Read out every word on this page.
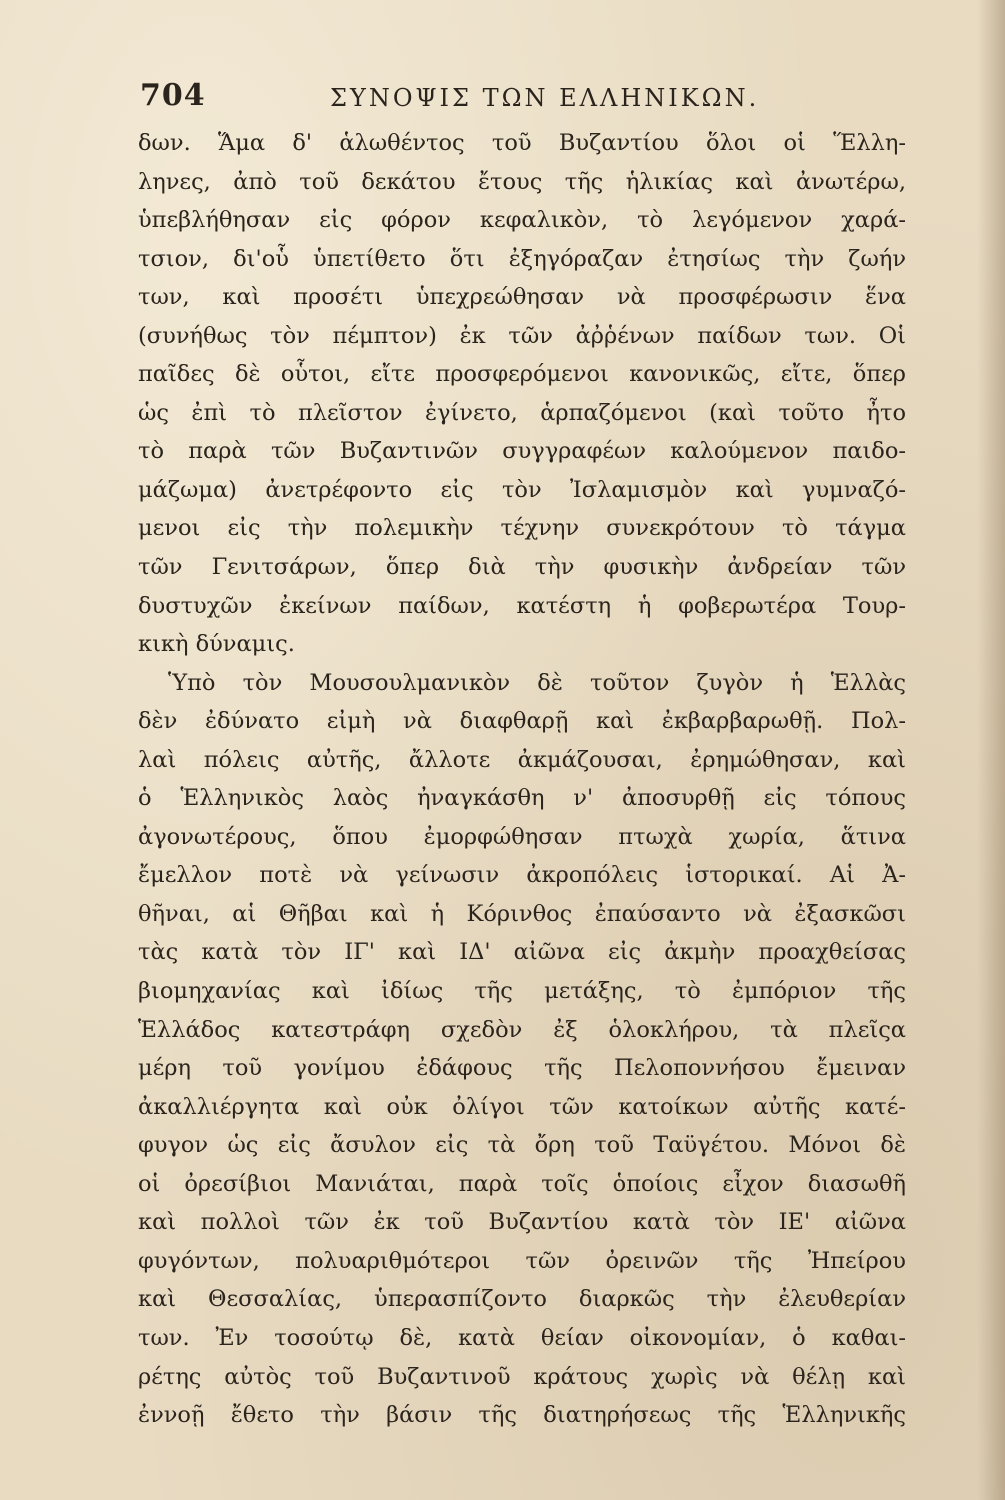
704	ΣΥΝΟΨΙΣ ΤΩΝ ΕΛΛΗΝΙΚΩΝ.
δων. Ἅμα δ' ἁλωθέντος τοῦ Βυζαντίου ὅλοι οἱ Ἕλλη-
ληνες, ἀπὸ τοῦ δεκάτου ἔτους τῆς ἡλικίας καὶ ἀνωτέρω,
ὑπεβλήθησαν εἰς φόρον κεφαλικὸν, τὸ λεγόμενον χαρά-
τσιον, δι'οὗ ὑπετίθετο ὅτι ἐξηγόραζαν ἐτησίως τὴν ζωήν
των, καὶ προσέτι ὑπεχρεώθησαν νὰ προσφέρωσιν ἕνα
(συνήθως τὸν πέμπτον) ἐκ τῶν ἀῤῥένων παίδων των. Οἱ
παῖδες δὲ οὗτοι, εἴτε προσφερόμενοι κανονικῶς, εἴτε, ὅπερ
ὡς ἐπὶ τὸ πλεῖστον ἐγίνετο, ἁρπαζόμενοι (καὶ τοῦτο ἦτο
τὸ παρὰ τῶν Βυζαντινῶν συγγραφέων καλούμενον παιδο-
μάζωμα) ἀνετρέφοντο εἰς τὸν Ἰσλαμισμὸν καὶ γυμναζό-
μενοι εἰς τὴν πολεμικὴν τέχνην συνεκρότουν τὸ τάγμα
τῶν Γενιτσάρων, ὅπερ διὰ τὴν φυσικὴν ἀνδρείαν τῶν
δυστυχῶν ἐκείνων παίδων, κατέστη ἡ φοβερωτέρα Τουρ-
κικὴ δύναμις.
Ὑπὸ τὸν Μουσουλμανικὸν δὲ τοῦτον ζυγὸν ἡ Ἑλλὰς
δὲν ἐδύνατο εἰμὴ νὰ διαφθαρῇ καὶ ἐκβαρβαρωθῇ. Πολ-
λαὶ πόλεις αὐτῆς, ἄλλοτε ἀκμάζουσαι, ἐρημώθησαν, καὶ
ὁ Ἑλληνικὸς λαὸς ἠναγκάσθη ν' ἀποσυρθῇ εἰς τόπους
ἀγονωτέρους, ὅπου ἐμορφώθησαν πτωχὰ χωρία, ἅτινα
ἔμελλον ποτὲ νὰ γείνωσιν ἀκροπόλεις ἱστορικαί. Αἱ Ἀ-
θῆναι, αἱ Θῆβαι καὶ ἡ Κόρινθος ἐπαύσαντο νὰ ἐξασκῶσι
τὰς κατὰ τὸν ΙΓ' καὶ ΙΔ' αἰῶνα εἰς ἀκμὴν προαχθείσας
βιομηχανίας καὶ ἰδίως τῆς μετάξης, τὸ ἐμπόριον τῆς
Ἑλλάδος κατεστράφη σχεδὸν ἐξ ὁλοκλήρου, τὰ πλεῖςα
μέρη τοῦ γονίμου ἐδάφους τῆς Πελοποννήσου ἔμειναν
ἀκαλλιέργητα καὶ οὐκ ὀλίγοι τῶν κατοίκων αὐτῆς κατέ-
φυγον ὡς εἰς ἄσυλον εἰς τὰ ὄρη τοῦ Ταϋγέτου. Μόνοι δὲ
οἱ ὀρεσίβιοι Μανιάται, παρὰ τοῖς ὁποίοις εἶχον διασωθῆ
καὶ πολλοὶ τῶν ἐκ τοῦ Βυζαντίου κατὰ τὸν ΙΕ' αἰῶνα
φυγόντων, πολυαριθμότεροι τῶν ὀρεινῶν τῆς Ἠπείρου
καὶ Θεσσαλίας, ὑπερασπίζοντο διαρκῶς τὴν ἐλευθερίαν
των. Ἐν τοσούτῳ δὲ, κατὰ θείαν οἰκονομίαν, ὁ καθαι-
ρέτης αὐτὸς τοῦ Βυζαντινοῦ κράτους χωρὶς νὰ θέλῃ καὶ
ἐννοῇ ἔθετο τὴν βάσιν τῆς διατηρήσεως τῆς Ἑλληνικῆς
